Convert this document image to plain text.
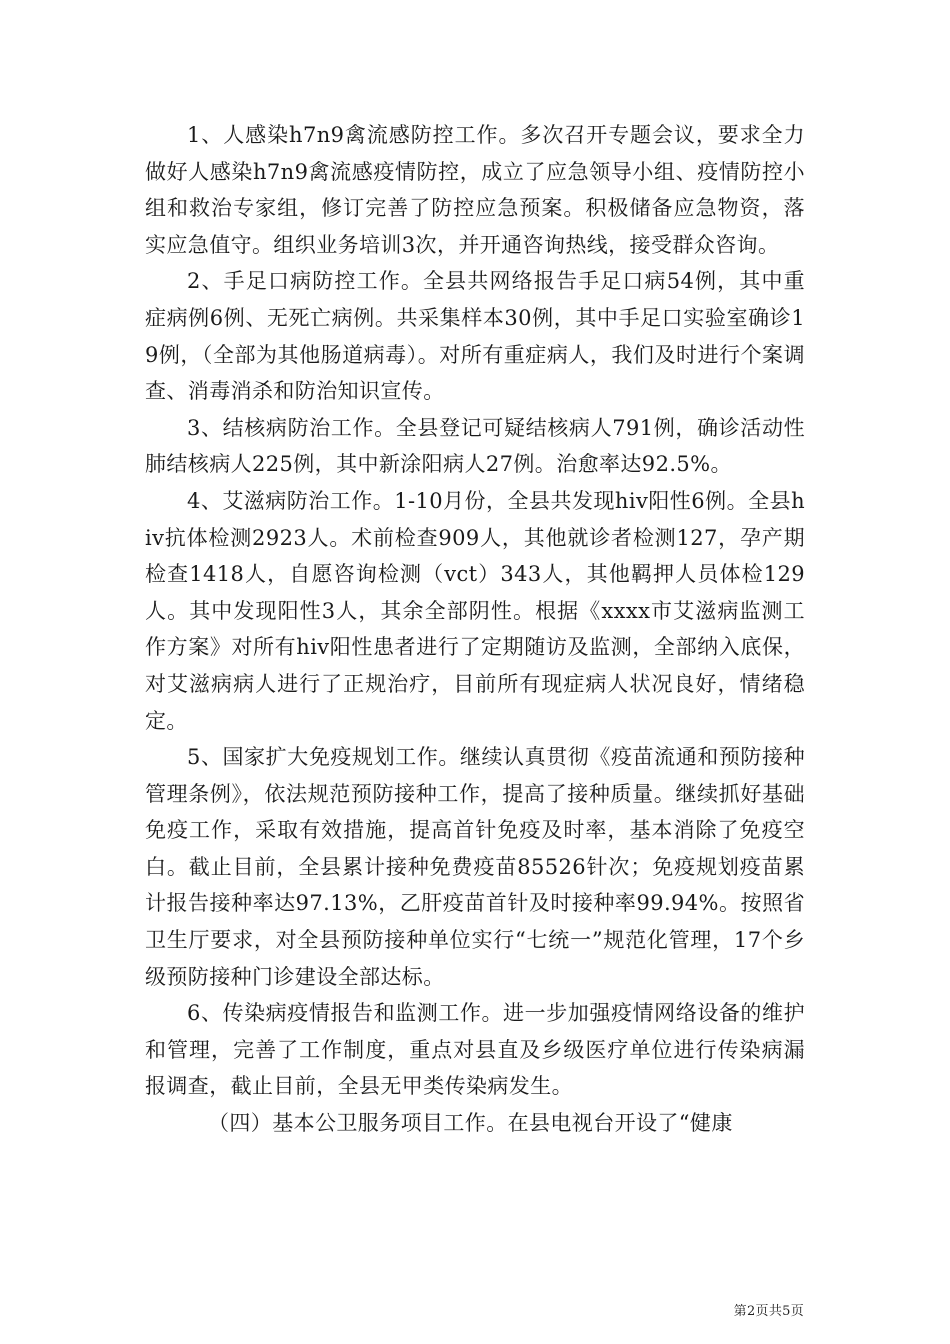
1、人感染h7n9禽流感防控工作。多次召开专题会议，要求全力做好人感染h7n9禽流感疫情防控，成立了应急领导小组、疫情防控小组和救治专家组，修订完善了防控应急预案。积极储备应急物资，落实应急值守。组织业务培训3次，并开通咨询热线，接受群众咨询。

2、手足口病防控工作。全县共网络报告手足口病54例，其中重症病例6例、无死亡病例。共采集样本30例，其中手足口实验室确诊19例，（全部为其他肠道病毒）。对所有重症病人，我们及时进行个案调查、消毒消杀和防治知识宣传。

3、结核病防治工作。全县登记可疑结核病人791例，确诊活动性肺结核病人225例，其中新涂阳病人27例。治愈率达92.5%。

4、艾滋病防治工作。1-10月份，全县共发现hiv阳性6例。全县hiv抗体检测2923人。术前检查909人，其他就诊者检测127，孕产期检查1418人，自愿咨询检测（vct）343人，其他羁押人员体检129人。其中发现阳性3人，其余全部阴性。根据《xxxx市艾滋病监测工作方案》对所有hiv阳性患者进行了定期随访及监测，全部纳入底保，对艾滋病病人进行了正规治疗，目前所有现症病人状况良好，情绪稳定。

5、国家扩大免疫规划工作。继续认真贯彻《疫苗流通和预防接种管理条例》，依法规范预防接种工作，提高了接种质量。继续抓好基础免疫工作，采取有效措施，提高首针免疫及时率，基本消除了免疫空白。截止目前，全县累计接种免费疫苗85526针次；免疫规划疫苗累计报告接种率达97.13%，乙肝疫苗首针及时接种率99.94%。按照省卫生厅要求，对全县预防接种单位实行“七统一”规范化管理，17个乡级预防接种门诊建设全部达标。

6、传染病疫情报告和监测工作。进一步加强疫情网络设备的维护和管理，完善了工作制度，重点对县直及乡级医疗单位进行传染病漏报调查，截止目前，全县无甲类传染病发生。

（四）基本公卫服务项目工作。在县电视台开设了“健康

第2页共5页
